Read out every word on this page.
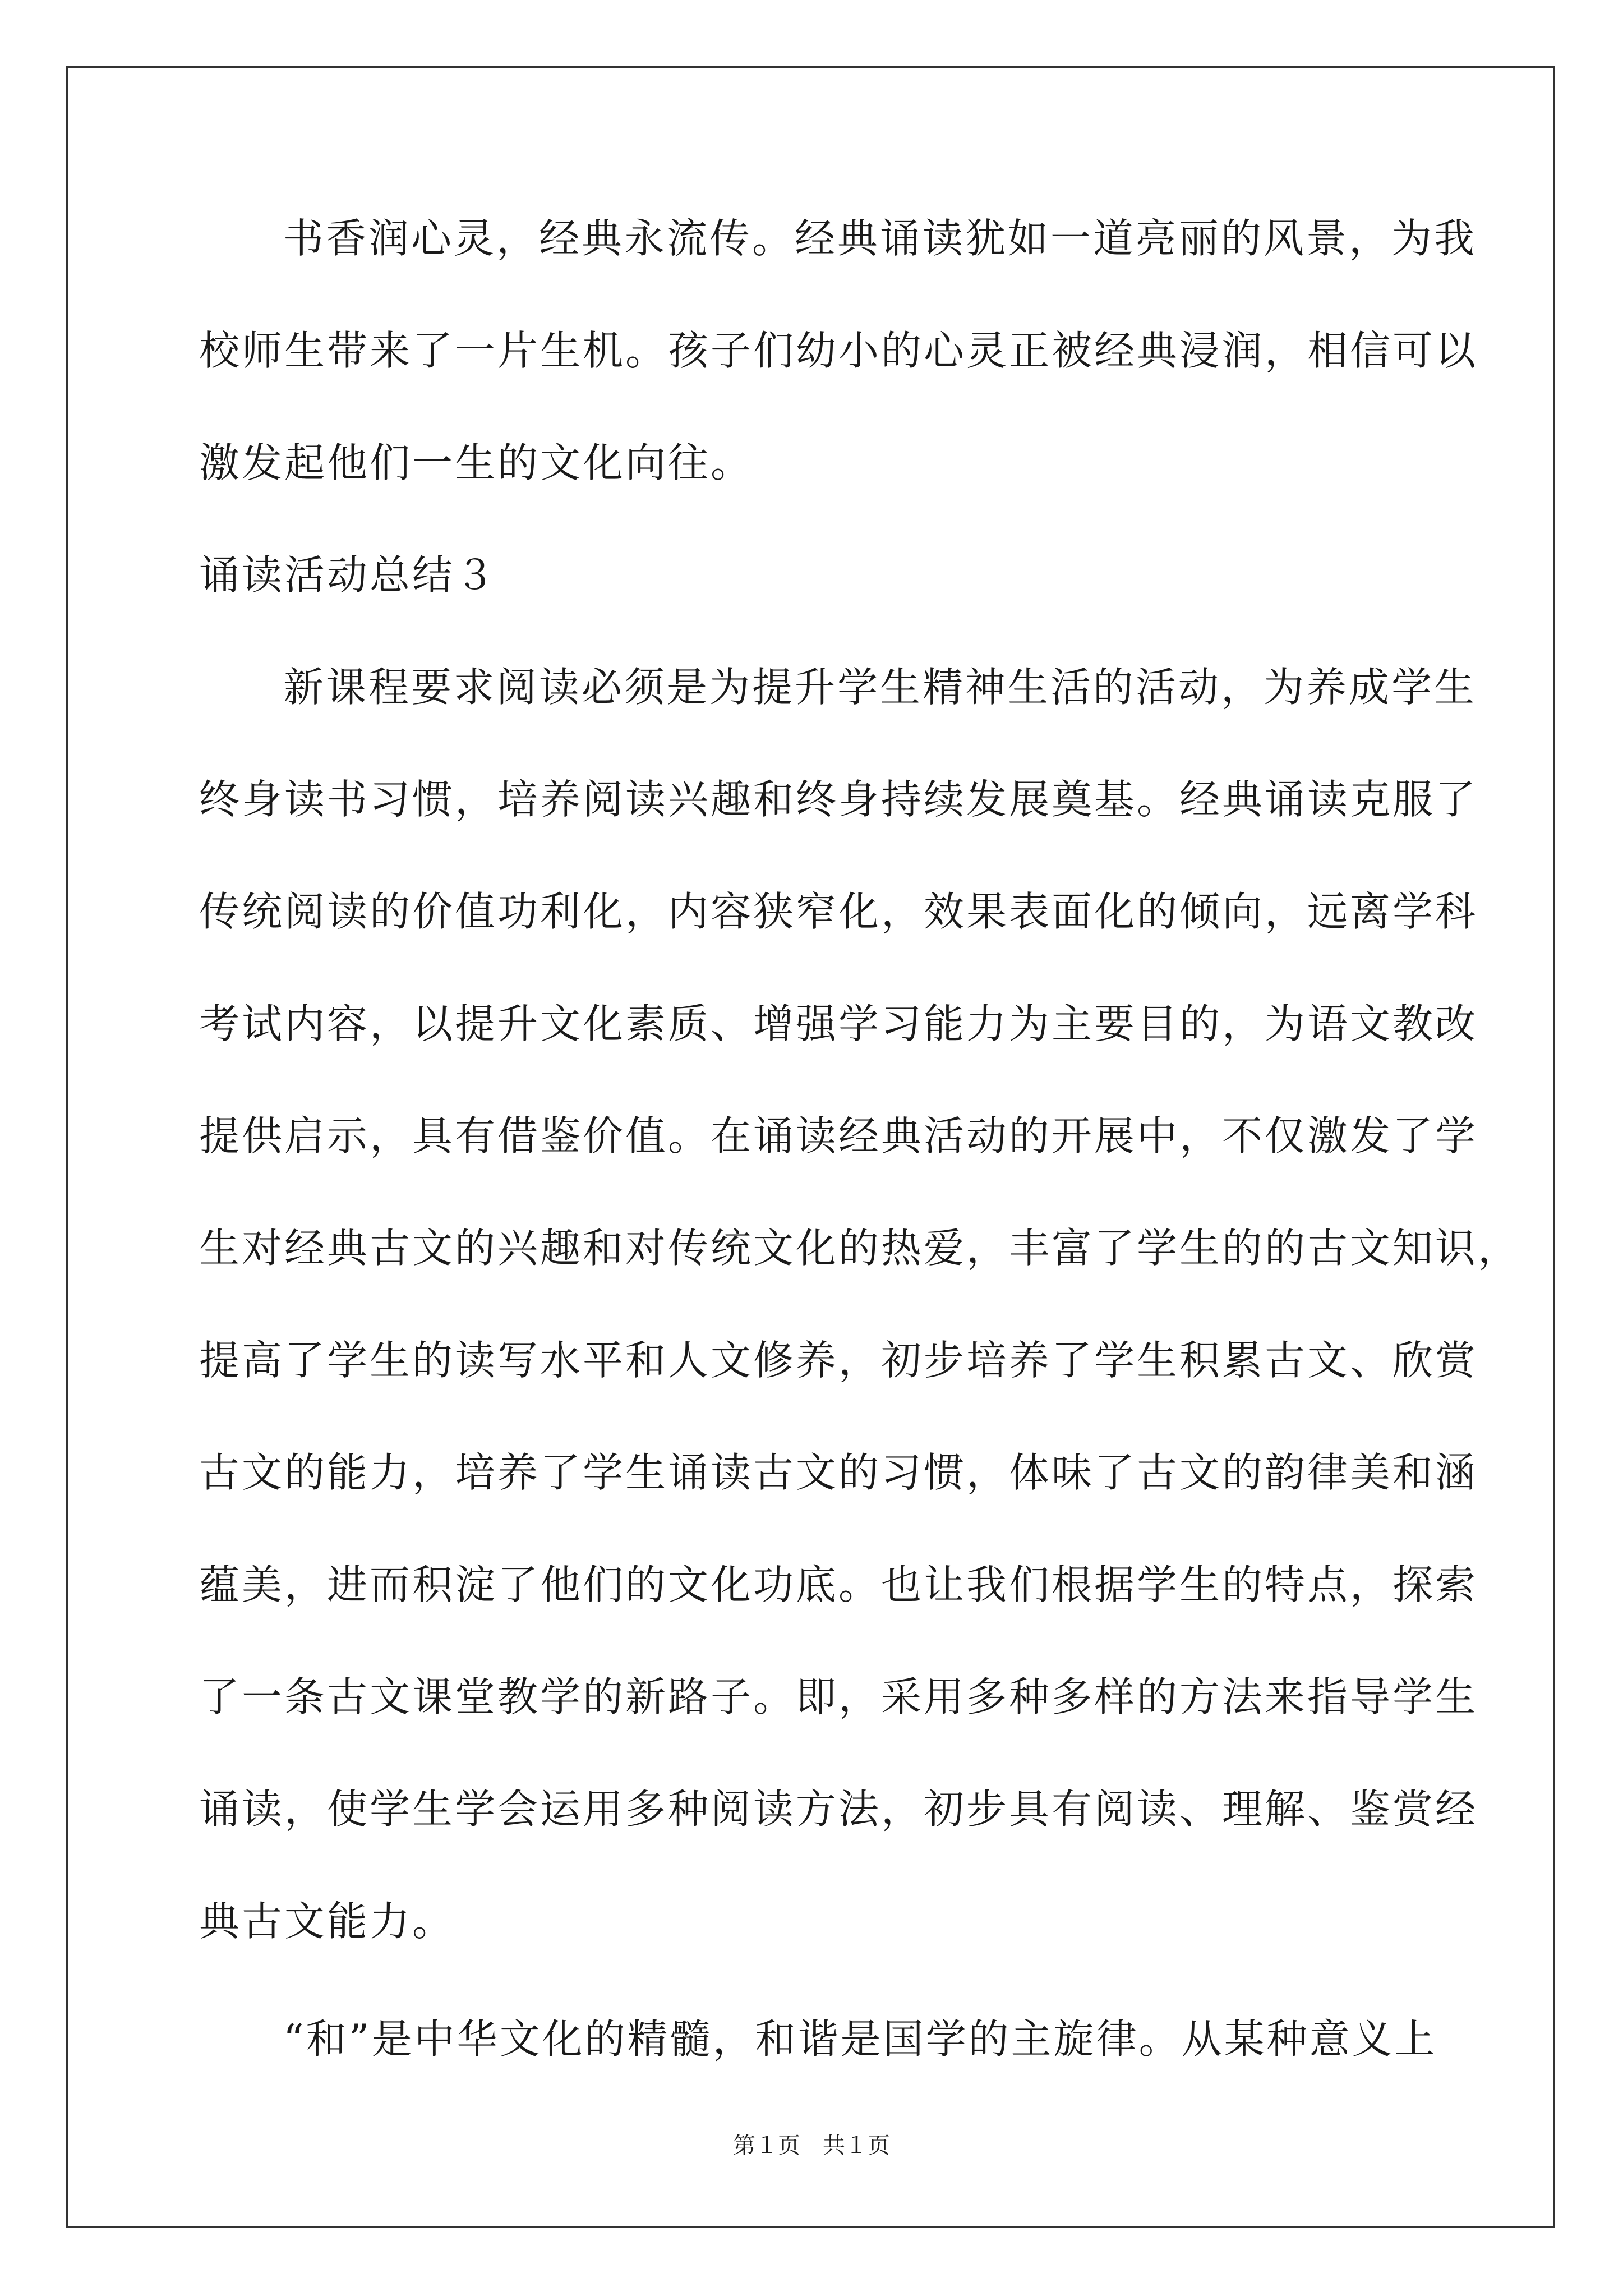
书香润心灵，经典永流传。经典诵读犹如一道亮丽的风景，为我
校师生带来了一片生机。孩子们幼小的心灵正被经典浸润，相信可以
激发起他们一生的文化向往。
诵读活动总结３
新课程要求阅读必须是为提升学生精神生活的活动，为养成学生
终身读书习惯，培养阅读兴趣和终身持续发展奠基。经典诵读克服了
传统阅读的价值功利化，内容狭窄化，效果表面化的倾向，远离学科
考试内容，以提升文化素质、增强学习能力为主要目的，为语文教改
提供启示，具有借鉴价值。在诵读经典活动的开展中，不仅激发了学
生对经典古文的兴趣和对传统文化的热爱，丰富了学生的的古文知识，
提高了学生的读写水平和人文修养，初步培养了学生积累古文、欣赏
古文的能力，培养了学生诵读古文的习惯，体味了古文的韵律美和涵
蕴美，进而积淀了他们的文化功底。也让我们根据学生的特点，探索
了一条古文课堂教学的新路子。即，采用多种多样的方法来指导学生
诵读，使学生学会运用多种阅读方法，初步具有阅读、理解、鉴赏经
典古文能力。
“和”是中华文化的精髓，和谐是国学的主旋律。从某种意义上
第１页　共１页
